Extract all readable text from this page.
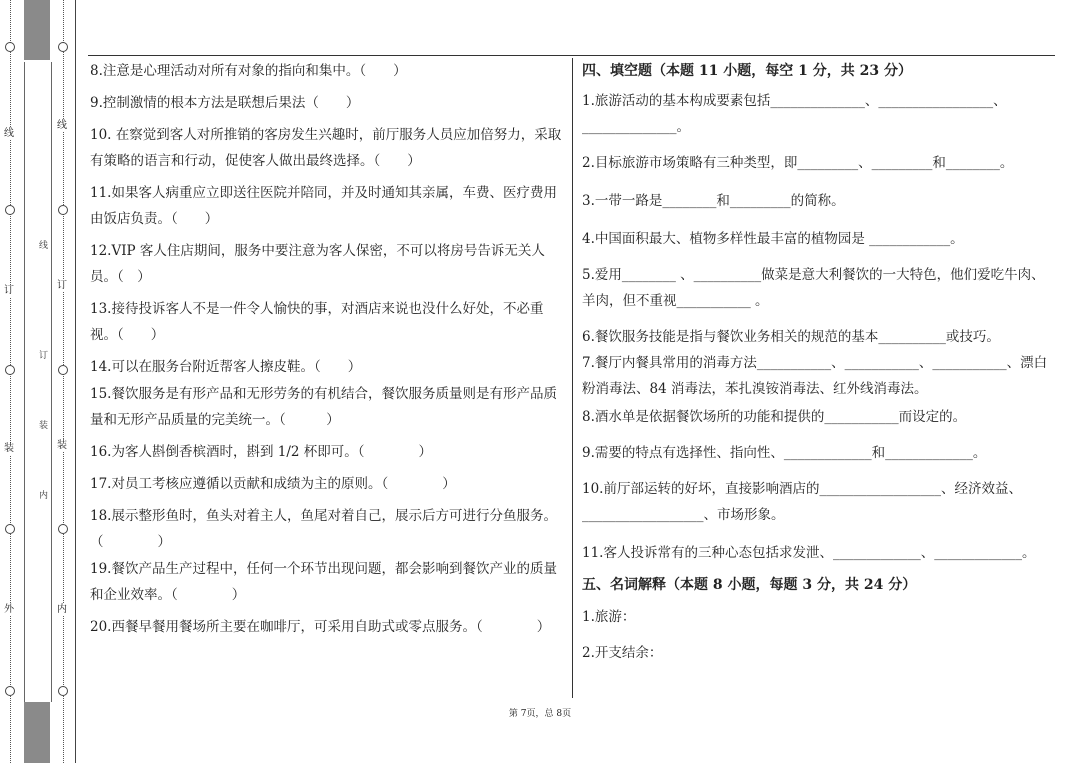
线
订
装
外
线
订
装
内
线
订
装
内

8.注意是心理活动对所有对象的指向和集中。（　　）

9.控制激情的根本方法是联想后果法（　　）

10. 在察觉到客人对所推销的客房发生兴趣时，前厅服务人员应加倍努力，采取有策略的语言和行动，促使客人做出最终选择。（　　）

11.如果客人病重应立即送往医院并陪同，并及时通知其亲属，车费、医疗费用由饭店负责。（　　）

12.VIP 客人住店期间，服务中要注意为客人保密，不可以将房号告诉无关人员。（　）

13.接待投诉客人不是一件令人愉快的事，对酒店来说也没什么好处，不必重视。（　　）

14.可以在服务台附近帮客人擦皮鞋。（　　）

15.餐饮服务是有形产品和无形劳务的有机结合，餐饮服务质量则是有形产品质量和无形产品质量的完美统一。（　　　）

16.为客人斟倒香槟酒时，斟到 1/2 杯即可。（　　　　）

17.对员工考核应遵循以贡献和成绩为主的原则。（　　　　）

18.展示整形鱼时，鱼头对着主人，鱼尾对着自己，展示后方可进行分鱼服务。（　　　　）

19.餐饮产品生产过程中，任何一个环节出现问题，都会影响到餐饮产业的质量和企业效率。（　　　　）

20.西餐早餐用餐场所主要在咖啡厅，可采用自助式或零点服务。（　　　　）

四、填空题（本题 11 小题，每空 1 分，共 23 分）

1.旅游活动的基本构成要素包括______________、_________________、______________。

2.目标旅游市场策略有三种类型，即_________、_________和________。

3.一带一路是________和_________的简称。

4.中国面积最大、植物多样性最丰富的植物园是 ____________。

5.爱用________ 、__________做菜是意大利餐饮的一大特色，他们爱吃牛肉、羊肉，但不重视___________ 。

6.餐饮服务技能是指与餐饮业务相关的规范的基本__________或技巧。

7.餐厅内餐具常用的消毒方法___________、___________、___________、漂白粉消毒法、84 消毒法，苯扎溴铵消毒法、红外线消毒法。

8.酒水单是依据餐饮场所的功能和提供的___________而设定的。

9.需要的特点有选择性、指向性、_____________和_____________。

10.前厅部运转的好坏，直接影响酒店的__________________、经济效益、__________________、市场形象。

11.客人投诉常有的三种心态包括求发泄、_____________、_____________。

五、名词解释（本题 8 小题，每题 3 分，共 24 分）

1.旅游：

2.开支结余：

第 7页，总 8页
